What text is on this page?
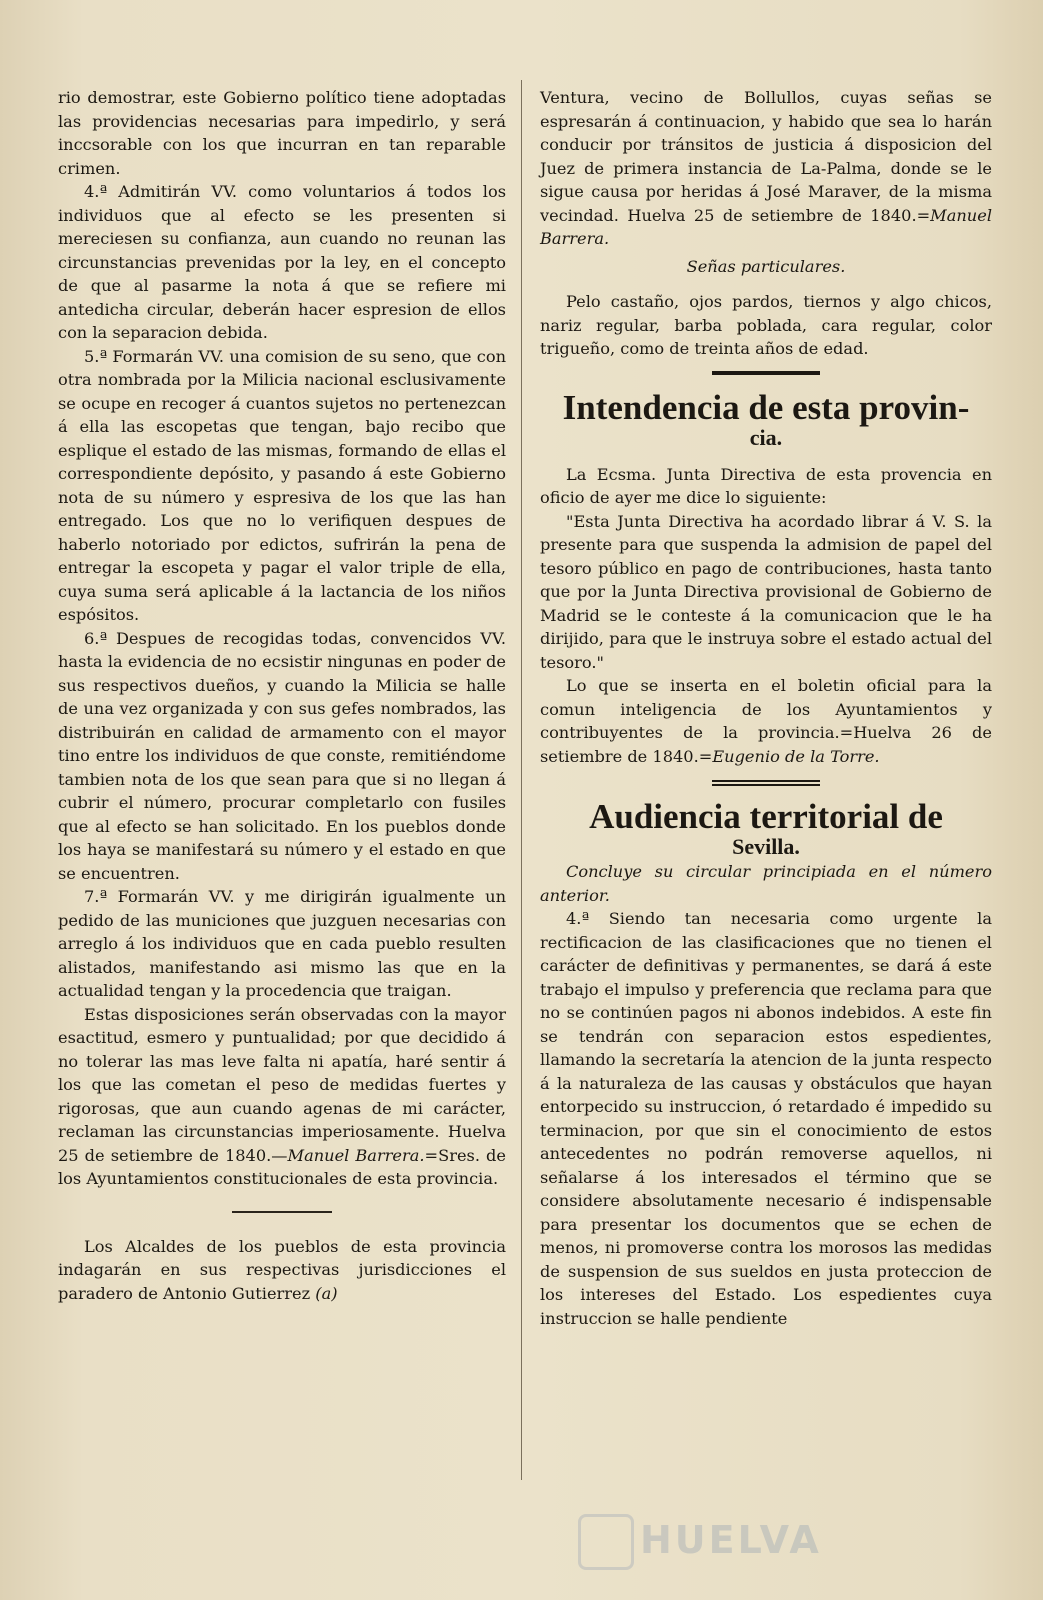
rio demostrar, este Gobierno político tiene adoptadas las providencias necesarias para impedirlo, y será inccsorable con los que incurran en tan reparable crimen.

4.ª Admitirán VV. como voluntarios á todos los individuos que al efecto se les presenten si mereciesen su confianza, aun cuando no reunan las circunstancias prevenidas por la ley, en el concepto de que al pasarme la nota á que se refiere mi antedicha circular, deberán hacer espresion de ellos con la separacion debida.

5.ª Formarán VV. una comision de su seno, que con otra nombrada por la Milicia nacional esclusivamente se ocupe en recoger á cuantos sujetos no pertenezcan á ella las escopetas que tengan, bajo recibo que esplique el estado de las mismas, formando de ellas el correspondiente depósito, y pasando á este Gobierno nota de su número y espresiva de los que las han entregado. Los que no lo verifiquen despues de haberlo notoriado por edictos, sufrirán la pena de entregar la escopeta y pagar el valor triple de ella, cuya suma será aplicable á la lactancia de los niños espósitos.

6.ª Despues de recogidas todas, convencidos VV. hasta la evidencia de no ecsistir ningunas en poder de sus respectivos dueños, y cuando la Milicia se halle de una vez organizada y con sus gefes nombrados, las distribuirán en calidad de armamento con el mayor tino entre los individuos de que conste, remitiéndome tambien nota de los que sean para que si no llegan á cubrir el número, procurar completarlo con fusiles que al efecto se han solicitado. En los pueblos donde los haya se manifestará su número y el estado en que se encuentren.

7.ª Formarán VV. y me dirigirán igualmente un pedido de las municiones que juzguen necesarias con arreglo á los individuos que en cada pueblo resulten alistados, manifestando asi mismo las que en la actualidad tengan y la procedencia que traigan.

Estas disposiciones serán observadas con la mayor esactitud, esmero y puntualidad; por que decidido á no tolerar las mas leve falta ni apatía, haré sentir á los que las cometan el peso de medidas fuertes y rigorosas, que aun cuando agenas de mi carácter, reclaman las circunstancias imperiosamente. Huelva 25 de setiembre de 1840.—Manuel Barrera.=Sres. de los Ayuntamientos constitucionales de esta provincia.

Los Alcaldes de los pueblos de esta provincia indagarán en sus respectivas jurisdicciones el paradero de Antonio Gutierrez (a)

Ventura, vecino de Bollullos, cuyas señas se espresarán á continuacion, y habido que sea lo harán conducir por tránsitos de justicia á disposicion del Juez de primera instancia de La-Palma, donde se le sigue causa por heridas á José Maraver, de la misma vecindad. Huelva 25 de setiembre de 1840.=Manuel Barrera.

Señas particulares.

Pelo castaño, ojos pardos, tiernos y algo chicos, nariz regular, barba poblada, cara regular, color trigueño, como de treinta años de edad.

Intendencia de esta provin-

cia.

La Ecsma. Junta Directiva de esta provencia en oficio de ayer me dice lo siguiente:

"Esta Junta Directiva ha acordado librar á V. S. la presente para que suspenda la admision de papel del tesoro público en pago de contribuciones, hasta tanto que por la Junta Directiva provisional de Gobierno de Madrid se le conteste á la comunicacion que le ha dirijido, para que le instruya sobre el estado actual del tesoro."

Lo que se inserta en el boletin oficial para la comun inteligencia de los Ayuntamientos y contribuyentes de la provincia.=Huelva 26 de setiembre de 1840.=Eugenio de la Torre.

Audiencia territorial de

Sevilla.

Concluye su circular principiada en el número anterior.

4.ª Siendo tan necesaria como urgente la rectificacion de las clasificaciones que no tienen el carácter de definitivas y permanentes, se dará á este trabajo el impulso y preferencia que reclama para que no se continúen pagos ni abonos indebidos. A este fin se tendrán con separacion estos espedientes, llamando la secretaría la atencion de la junta respecto á la naturaleza de las causas y obstáculos que hayan entorpecido su instruccion, ó retardado é impedido su terminacion, por que sin el conocimiento de estos antecedentes no podrán removerse aquellos, ni señalarse á los interesados el término que se considere absolutamente necesario é indispensable para presentar los documentos que se echen de menos, ni promoverse contra los morosos las medidas de suspension de sus sueldos en justa proteccion de los intereses del Estado. Los espedientes cuya instruccion se halle pendiente

HUELVA
